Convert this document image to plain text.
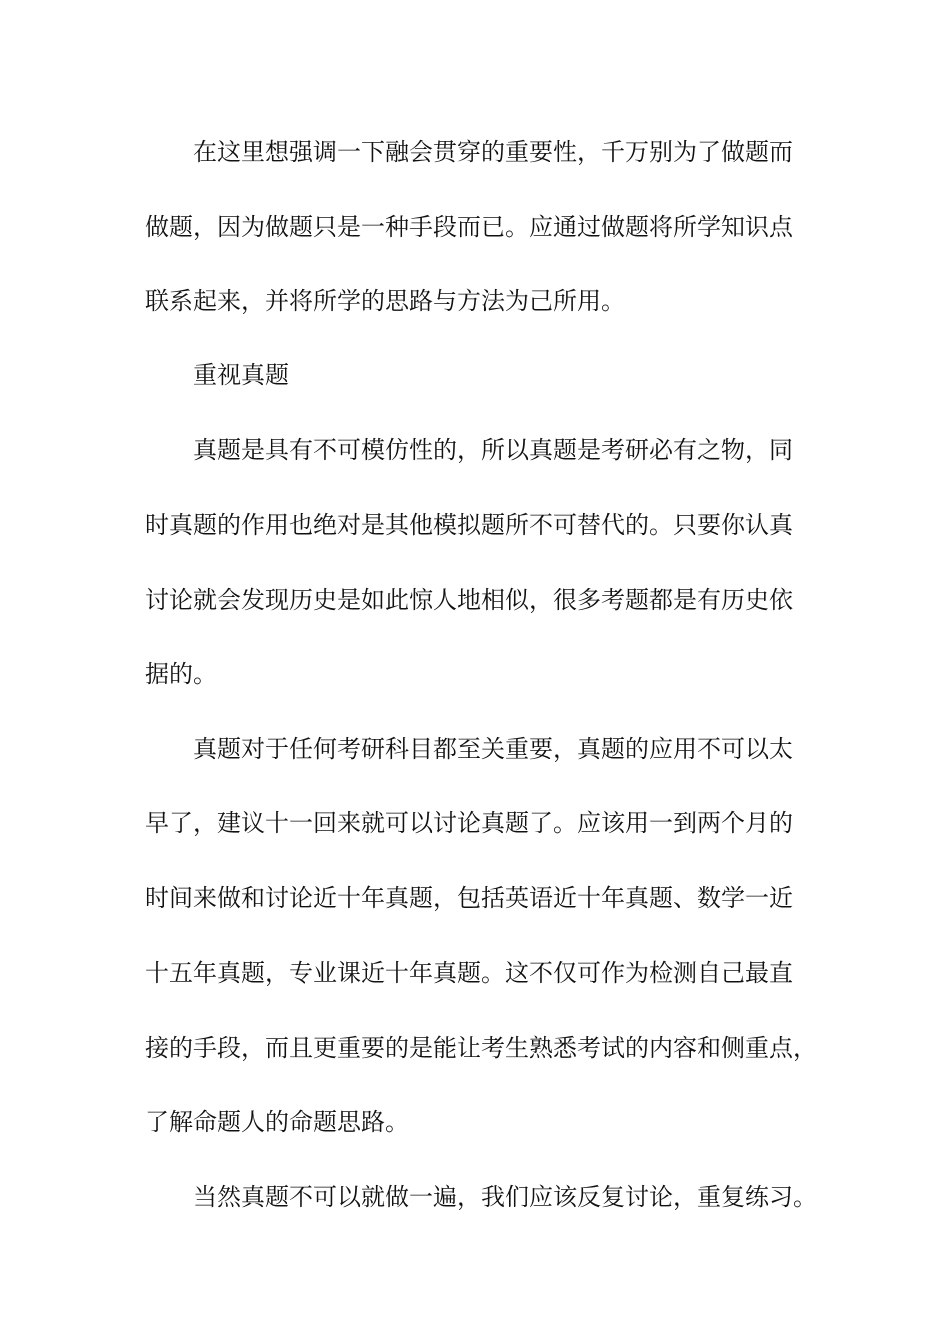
在这里想强调一下融会贯穿的重要性，千万别为了做题而
做题，因为做题只是一种手段而已。应通过做题将所学知识点
联系起来，并将所学的思路与方法为己所用。
重视真题
真题是具有不可模仿性的，所以真题是考研必有之物，同
时真题的作用也绝对是其他模拟题所不可替代的。只要你认真
讨论就会发现历史是如此惊人地相似，很多考题都是有历史依
据的。
真题对于任何考研科目都至关重要，真题的应用不可以太
早了，建议十一回来就可以讨论真题了。应该用一到两个月的
时间来做和讨论近十年真题，包括英语近十年真题、数学一近
十五年真题，专业课近十年真题。这不仅可作为检测自己最直
接的手段，而且更重要的是能让考生熟悉考试的内容和侧重点，
了解命题人的命题思路。
当然真题不可以就做一遍，我们应该反复讨论，重复练习。
